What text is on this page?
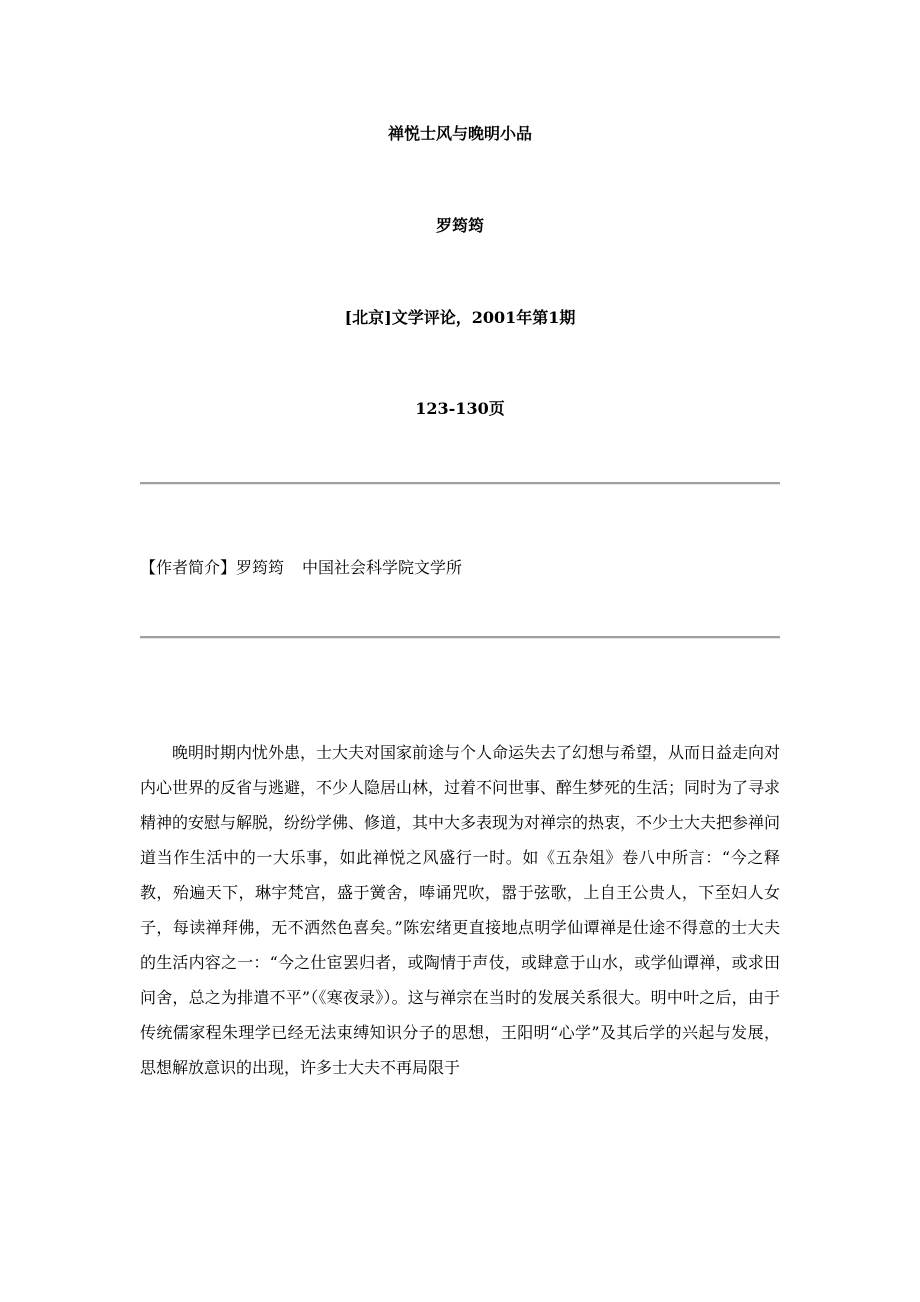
禅悦士风与晚明小品
罗筠筠
[北京]文学评论，2001年第1期
123-130页
【作者简介】罗筠筠 中国社会科学院文学所

晚明时期内忧外患，士大夫对国家前途与个人命运失去了幻想与希望，从而日益走向对内心世界的反省与逃避，不少人隐居山林，过着不问世事、醉生梦死的生活；同时为了寻求精神的安慰与解脱，纷纷学佛、修道，其中大多表现为对禅宗的热衷，不少士大夫把参禅问道当作生活中的一大乐事，如此禅悦之风盛行一时。如《五杂俎》卷八中所言：“今之释教，殆遍天下，琳宇梵宫，盛于黉舍，唪诵咒吹，嚣于弦歌，上自王公贵人，下至妇人女子，每读禅拜佛，无不洒然色喜矣。”陈宏绪更直接地点明学仙谭禅是仕途不得意的士大夫的生活内容之一：“今之仕宦罢归者，或陶情于声伎，或肆意于山水，或学仙谭禅，或求田问舍，总之为排遣不平”（《寒夜录》）。这与禅宗在当时的发展关系很大。明中叶之后，由于传统儒家程朱理学已经无法束缚知识分子的思想，王阳明“心学”及其后学的兴起与发展，思想解放意识的出现，许多士大夫不再局限于
